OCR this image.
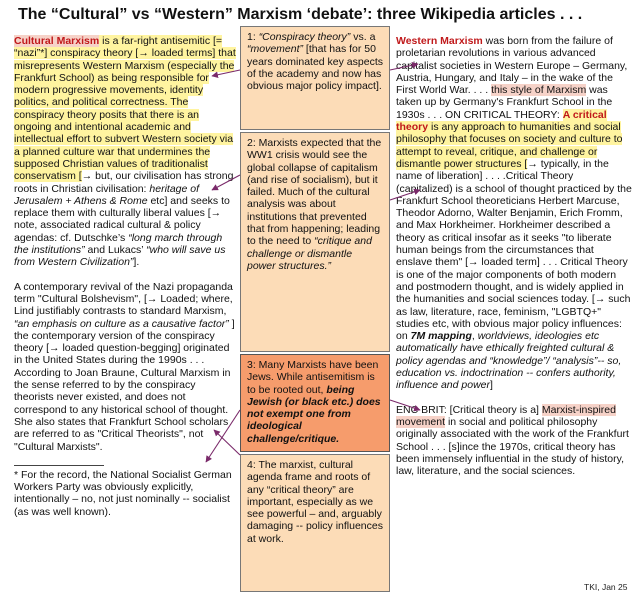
The “Cultural” vs “Western” Marxism ‘debate’: three Wikipedia articles . . .

Cultural Marxism is a far-right antisemitic [= “nazi”*] conspiracy theory [→ loaded terms] that misrepresents Western Marxism (especially the Frankfurt School) as being responsible for modern progressive movements, identity politics, and political correctness. The conspiracy theory posits that there is an ongoing and intentional academic and intellectual effort to subvert Western society via a planned culture war that undermines the supposed Christian values of traditionalist conservatism [→ but, our civilisation has strong roots in Christian civilisation: heritage of Jerusalem + Athens & Rome etc] and seeks to replace them with culturally liberal values [→ note, associated radical cultural & policy agendas: cf. Dutschke’s “long march through the institutions” and Lukacs’ “who will save us from Western Civilization”].

A contemporary revival of the Nazi propaganda term "Cultural Bolshevism", [→ Loaded; where, Lind justifiably contrasts to standard Marxism, “an emphasis on culture as a causative factor” ] the contemporary version of the conspiracy theory [→ loaded question-begging] originated in the United States during the 1990s . . . According to Joan Braune, Cultural Marxism in the sense referred to by the conspiracy theorists never existed, and does not correspond to any historical school of thought. She also states that Frankfurt School scholars are referred to as "Critical Theorists", not "Cultural Marxists".

* For the record, the National Socialist German Workers Party was obviously explicitly, intentionally – no, not just nominally -- socialist (as was well known).
1: “Conspiracy theory” vs. a “movement” [that has for 50 years dominated key aspects of the academy and now has obvious major policy impact].
2: Marxists expected that the WW1 crisis would see the global collapse of capitalism (and rise of socialism), but it failed. Much of the cultural analysis was about institutions that prevented that from happening; leading to the need to “critique and challenge or dismantle power structures.”
3: Many Marxists have been Jews. While antisemitism is to be rooted out, being Jewish (or black etc.) does not exempt one from ideological challenge/critique.
4: The marxist, cultural agenda frame and roots of any “critical theory” are important, especially as we see powerful – and, arguably damaging -- policy influences at work.

Western Marxism was born from the failure of proletarian revolutions in various advanced capitalist societies in Western Europe – Germany, Austria, Hungary, and Italy – in the wake of the First World War. . . . this style of Marxism was taken up by Germany's Frankfurt School in the 1930s . . . ON CRITICAL THEORY: A critical theory is any approach to humanities and social philosophy that focuses on society and culture to attempt to reveal, critique, and challenge or dismantle power structures [→ typically, in the name of liberation] . . . .Critical Theory (capitalized) is a school of thought practiced by the Frankfurt School theoreticians Herbert Marcuse, Theodor Adorno, Walter Benjamin, Erich Fromm, and Max Horkheimer. Horkheimer described a theory as critical insofar as it seeks "to liberate human beings from the circumstances that enslave them" [→ loaded term] . . . Critical Theory is one of the major components of both modern and postmodern thought, and is widely applied in the humanities and social sciences today. [→ such as law, literature, race, feminism, "LGBTQ+" studies etc, with obvious major policy influences: on 7M mapping, worldviews, ideologies etc automatically have ethically freighted cultural & policy agendas and “knowledge”/ “analysis”-- so, education vs. indoctrination -- confers authority, influence and power]

ENC BRIT: [Critical theory is a] Marxist-inspired movement in social and political philosophy originally associated with the work of the Frankfurt School . . . [s]ince the 1970s, critical theory has been immensely influential in the study of history, law, literature, and the social sciences.

TKI, Jan 25
